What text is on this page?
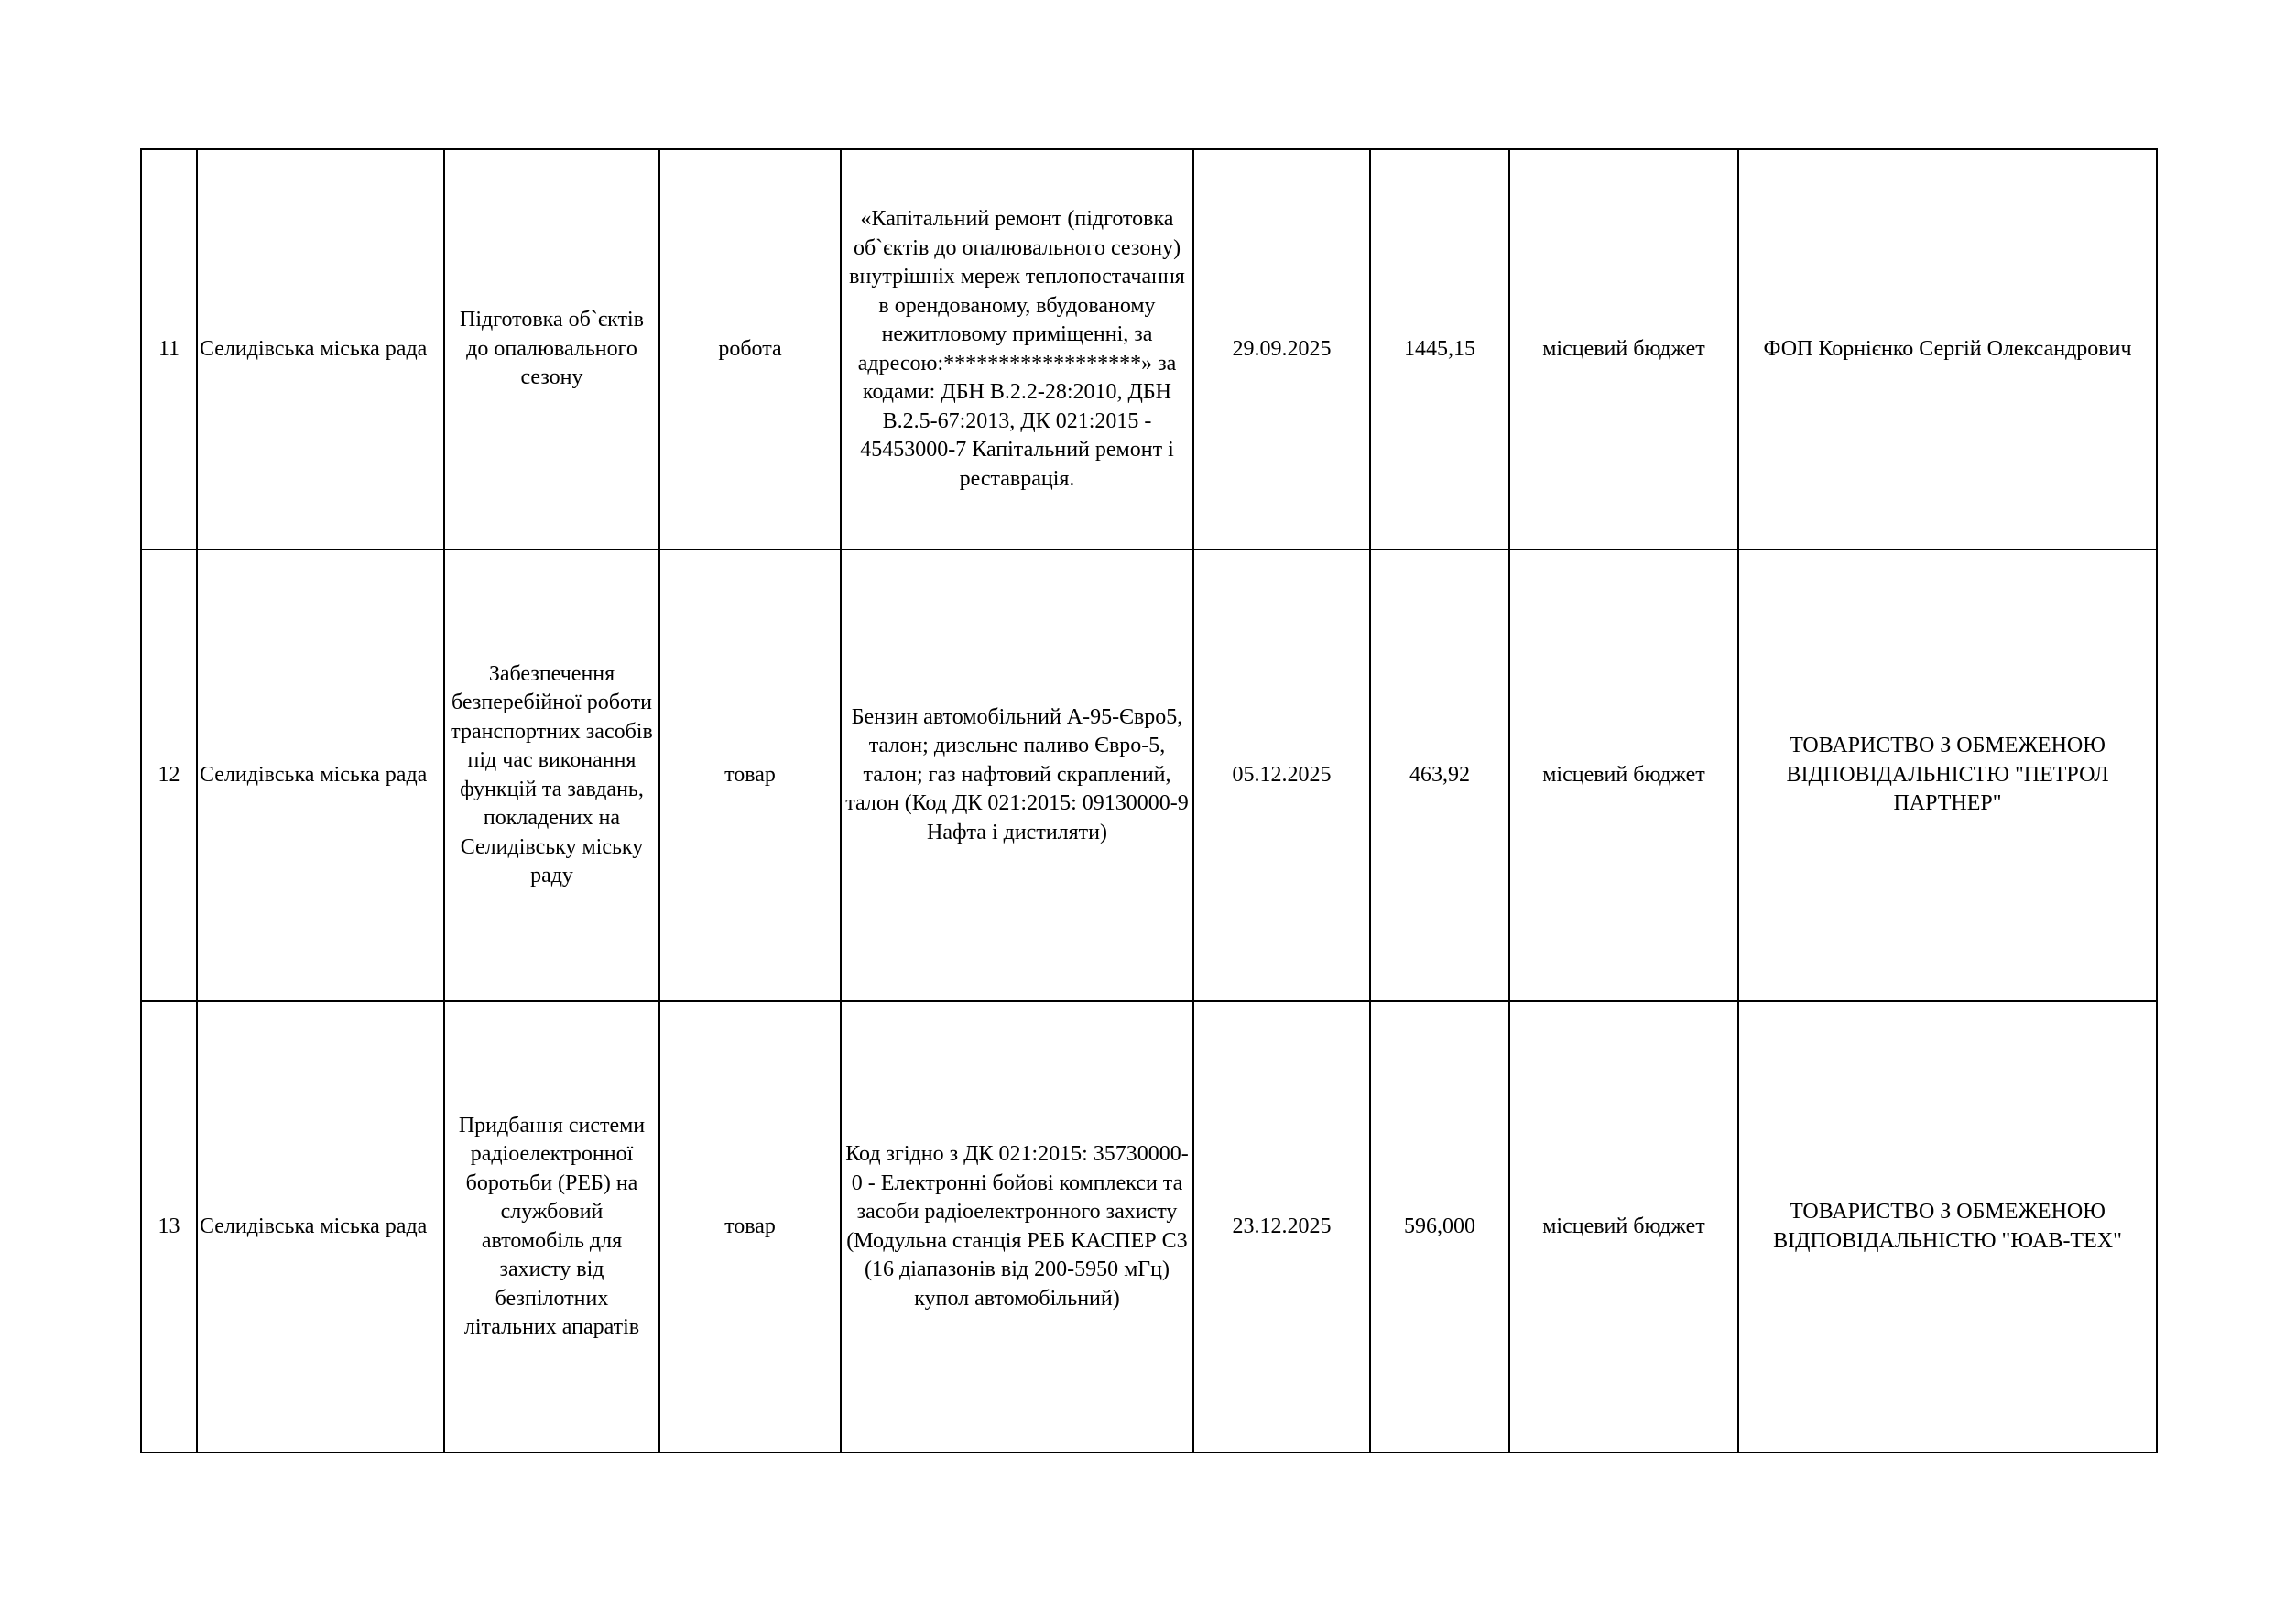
11	Селидівська міська рада	Підготовка об`єктів до опалювального сезону	робота	«Капітальний ремонт (підготовка об`єктів до опалювального сезону) внутрішніх мереж теплопостачання в орендованому, вбудованому нежитловому приміщенні, за адресою:******************» за кодами: ДБН В.2.2-28:2010, ДБН В.2.5-67:2013, ДК 021:2015 - 45453000-7 Капітальний ремонт і реставрація.	29.09.2025	1445,15	місцевий бюджет	ФОП Корнієнко Сергій Олександрович
12	Селидівська міська рада	Забезпечення безперебійної роботи транспортних засобів під час виконання функцій та завдань, покладених на Селидівську міську раду	товар	Бензин автомобільний А-95-Євро5, талон; дизельне паливо Євро-5, талон; газ нафтовий скраплений, талон (Код ДК 021:2015: 09130000-9 Нафта і дистиляти)	05.12.2025	463,92	місцевий бюджет	ТОВАРИСТВО З ОБМЕЖЕНОЮ ВІДПОВІДАЛЬНІСТЮ "ПЕТРОЛ ПАРТНЕР"
13	Селидівська міська рада	Придбання системи радіоелектронної боротьби (РЕБ) на службовий автомобіль для захисту від безпілотних літальних апаратів	товар	Код згідно з ДК 021:2015: 35730000-0 - Електронні бойові комплекси та засоби радіоелектронного захисту (Модульна станція РЕБ КАСПЕР С3 (16 діапазонів від 200-5950 мГц) купол автомобільний)	23.12.2025	596,000	місцевий бюджет	ТОВАРИСТВО З ОБМЕЖЕНОЮ ВІДПОВІДАЛЬНІСТЮ "ЮАВ-ТЕХ"
